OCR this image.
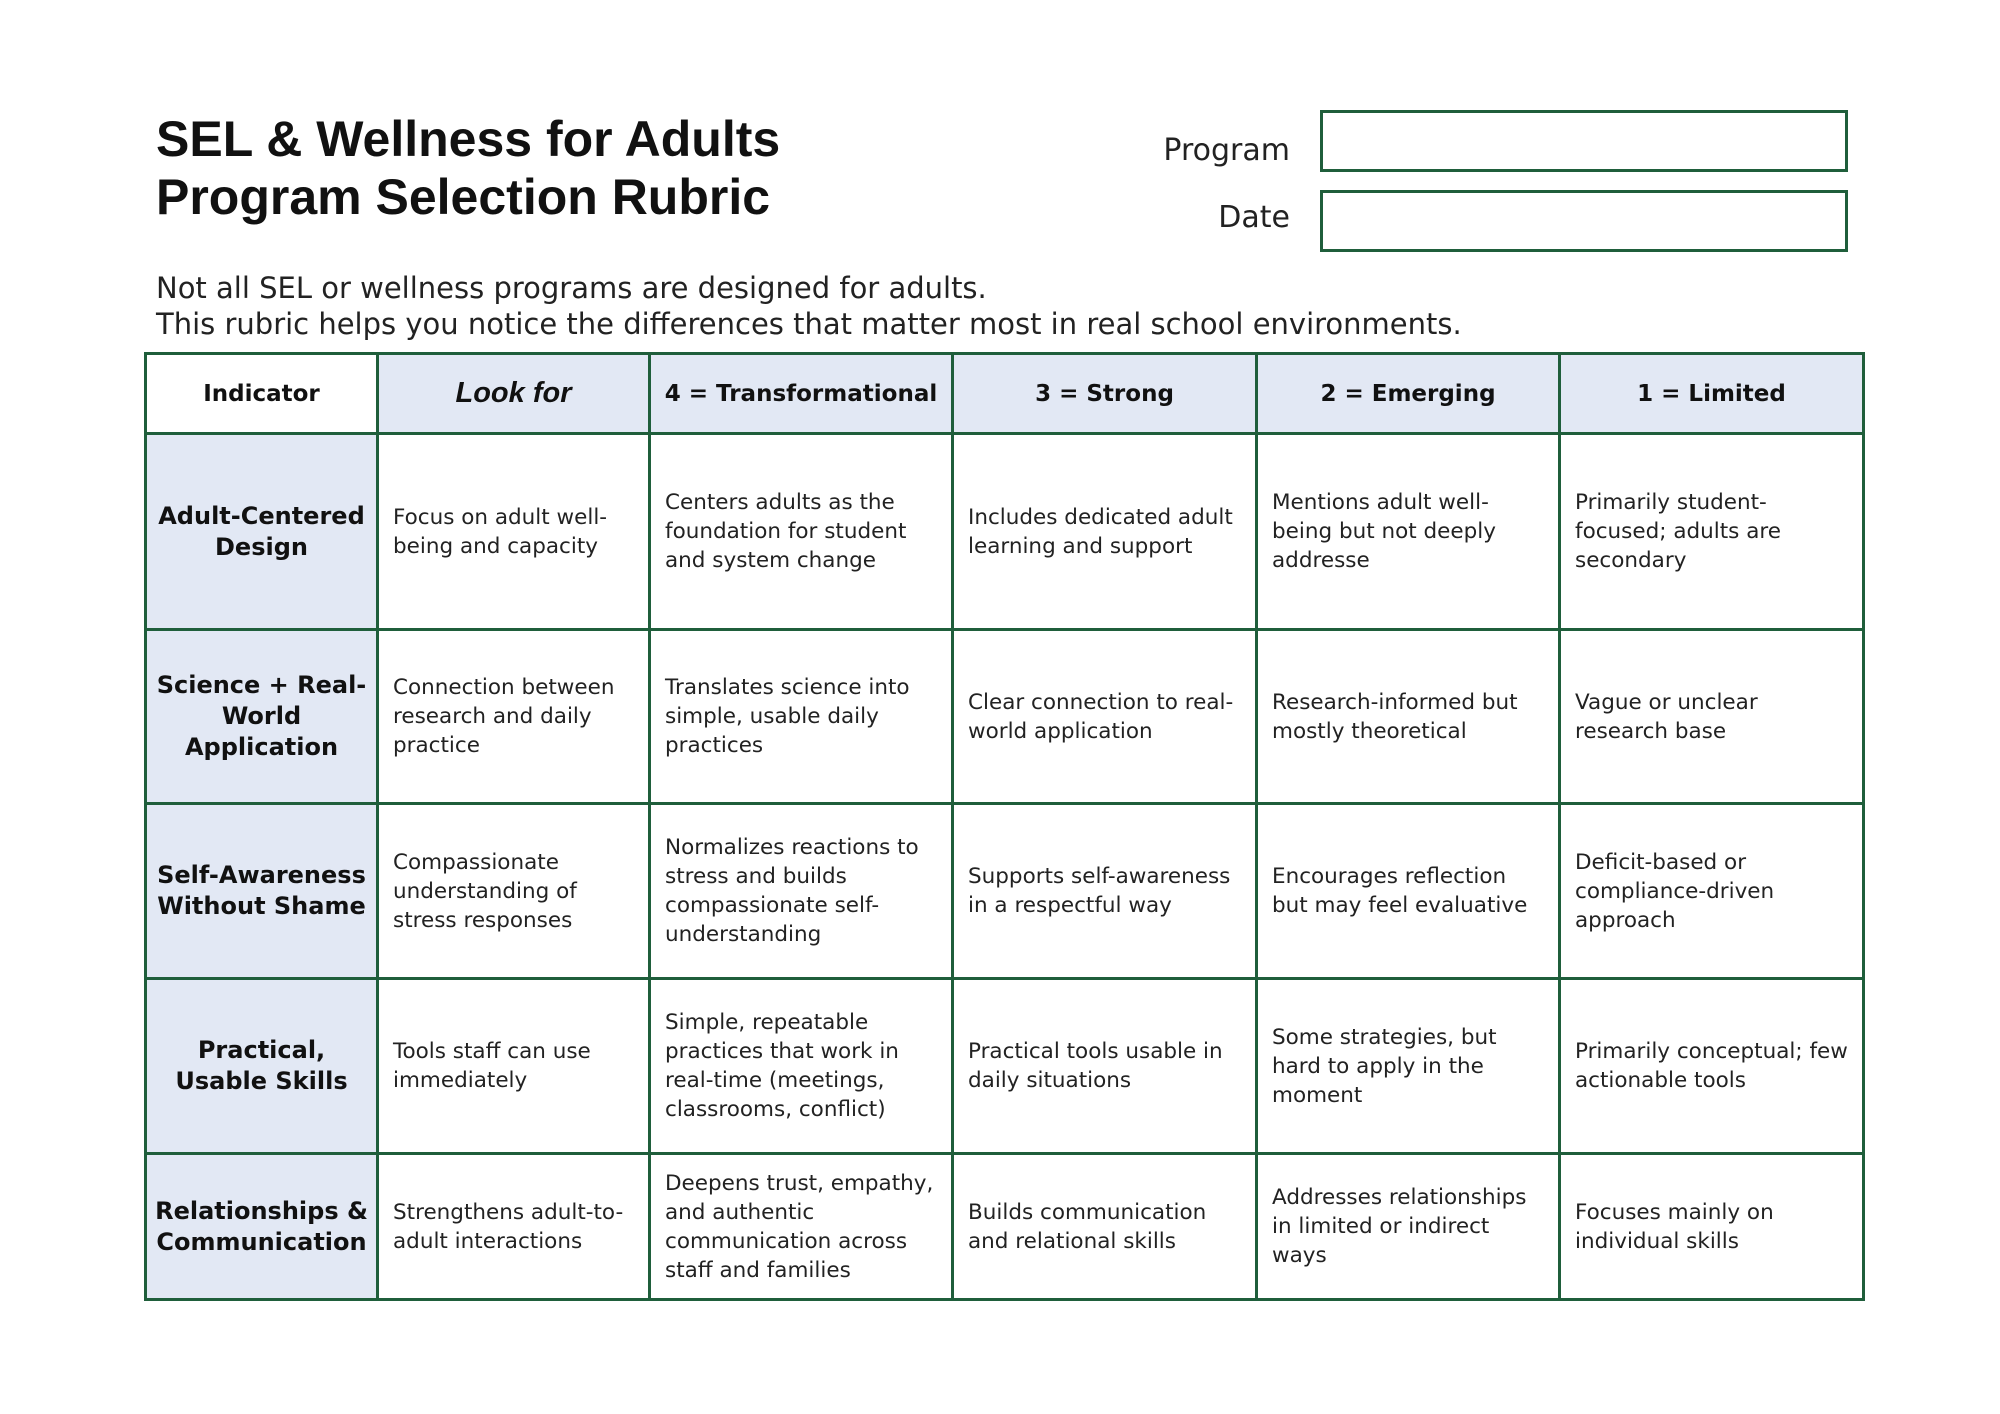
SEL & Wellness for Adults
Program Selection Rubric
Program
Date
Not all SEL or wellness programs are designed for adults.
This rubric helps you notice the differences that matter most in real school environments.
Indicator	Look for	4 = Transformational	3 = Strong	2 = Emerging	1 = Limited
Adult-Centered Design	Focus on adult well-being and capacity	Centers adults as the foundation for student and system change	Includes dedicated adult learning and support	Mentions adult well-being but not deeply addresse	Primarily student-focused; adults are secondary
Science + Real-World Application	Connection between research and daily practice	Translates science into simple, usable daily practices	Clear connection to real-world application	Research-informed but mostly theoretical	Vague or unclear research base
Self-Awareness Without Shame	Compassionate understanding of stress responses	Normalizes reactions to stress and builds compassionate self-understanding	Supports self-awareness in a respectful way	Encourages reflection but may feel evaluative	Deficit-based or compliance-driven approach
Practical, Usable Skills	Tools staff can use immediately	Simple, repeatable practices that work in real-time (meetings, classrooms, conflict)	Practical tools usable in daily situations	Some strategies, but hard to apply in the moment	Primarily conceptual; few actionable tools
Relationships & Communication	Strengthens adult-to-adult interactions	Deepens trust, empathy, and authentic communication across staff and families	Builds communication and relational skills	Addresses relationships in limited or indirect ways	Focuses mainly on individual skills
